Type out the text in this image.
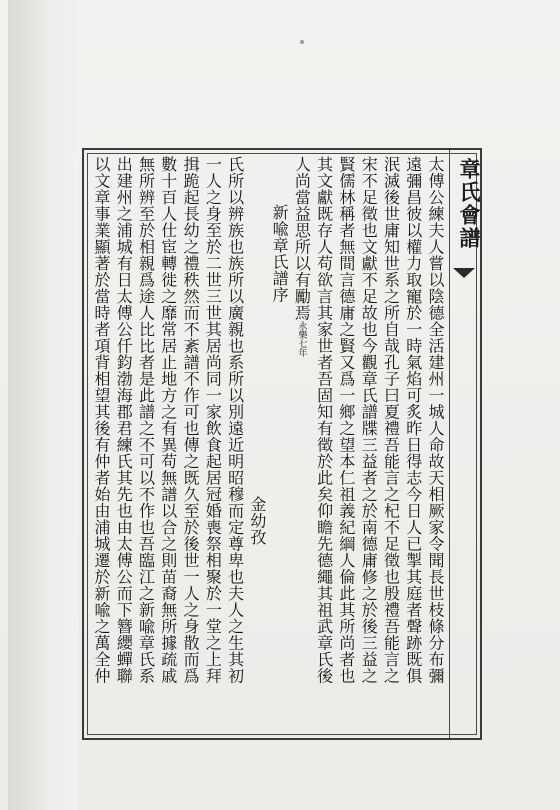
章氏會譜
太傅公練夫人嘗以陰德全活建州一城人命故天相厥家令聞長世枝條分布彌
遠彌昌彼以權力取寵於一時氣焰可炙昨日得志今日人已掣其庭者聲跡既俱
泯滅後世庸知世系之所自哉孔子曰夏禮吾能言之杞不足徵也殷禮吾能言之
宋不足徵也文獻不足故也今觀章氏譜牒三益者之於南德庸修之於後三益之
賢儒林稱者無間言德庸之賢又爲一鄉之望本仁祖義紀綱人倫此其所尚者也
其文獻既存人苟欲言其家世者吾固知有徵於此矣仰瞻先德繩其祖武章氏後
人尚當益思所以有勵焉永樂七年
新喩章氏譜序
金幼孜
氏所以辨族也族所以廣親也系所以別遠近明昭穆而定尊卑也夫人之生其初
一人之身至於二世三世其居尚同一家飲食起居冠婚喪祭相聚於一堂之上拜
揖跪起長幼之禮秩然而不紊譜不作可也傳之既久至於後世一人之身散而爲
數十百人仕宦轉徙之靡常居止地方之有異苟無譜以合之則苗裔無所據疏戚
無所辨至於相親爲途人比比者是此譜之不可以不作也吾臨江之新喩章氏系
出建州之浦城有日太傅公仟鈞渤海郡君練氏其先也由太傅公而下簪纓蟬聯
以文章事業顯著於當時者項背相望其後有仲者始由浦城遷於新喩之萬全仲
